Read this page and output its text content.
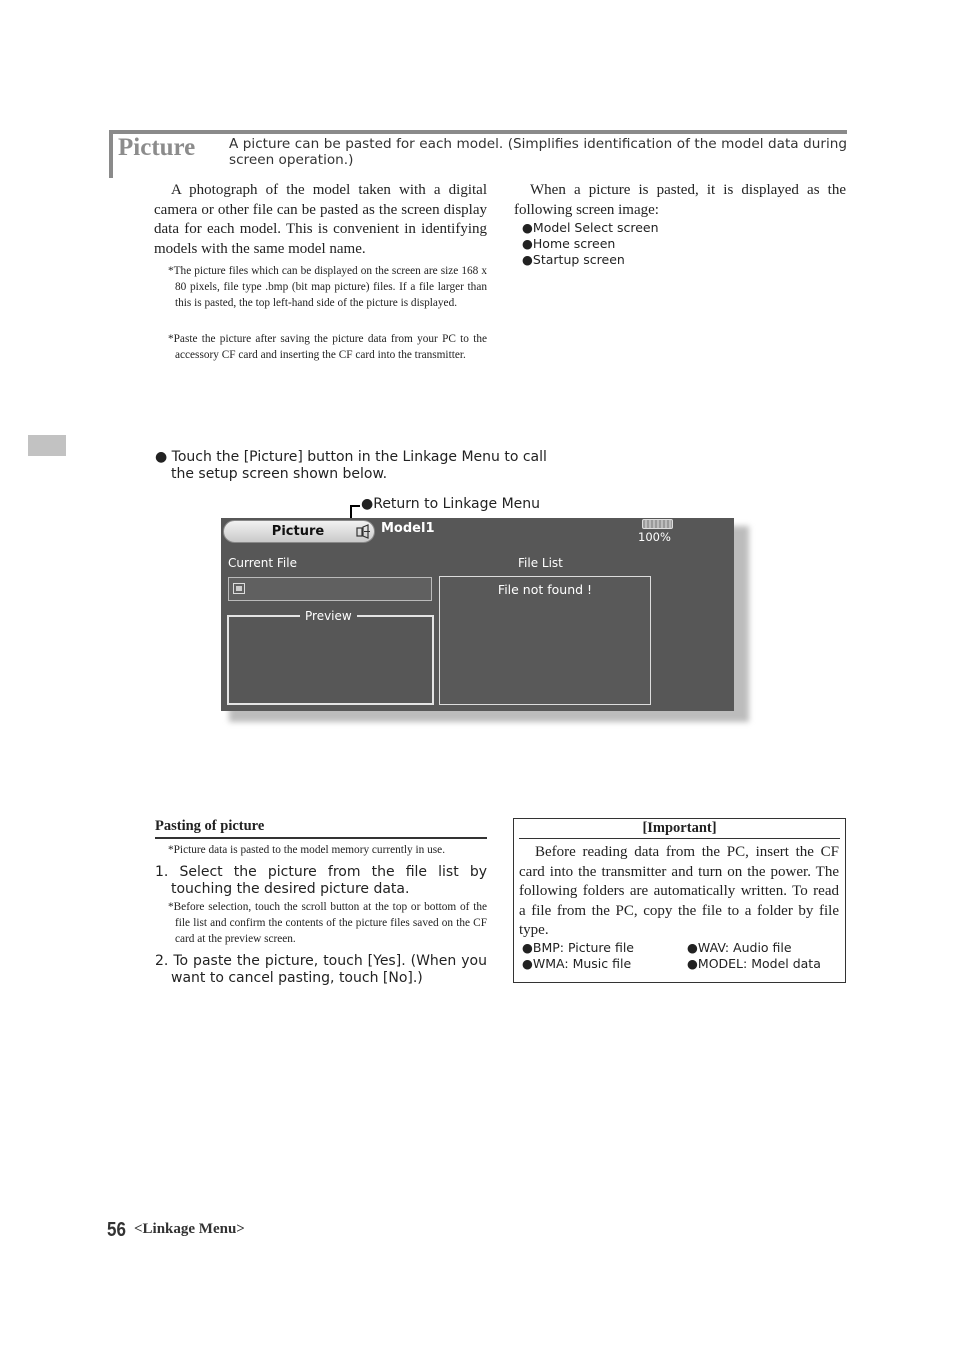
Picture A picture can be pasted for each model. (Simplifies identification of the model data during screen operation.)
A photograph of the model taken with a digital camera or other file can be pasted as the screen display data for each model. This is convenient in identifying models with the same model name.
*The picture files which can be displayed on the screen are size 168 x 80 pixels, file type .bmp (bit map picture) files. If a file larger than this is pasted, the top left-hand side of the picture is displayed.
*Paste the picture after saving the picture data from your PC to the accessory CF card and inserting the CF card into the transmitter.
When a picture is pasted, it is displayed as the following screen image:
●Model Select screen
●Home screen
●Startup screen
● Touch the [Picture] button in the Linkage Menu to call
the setup screen shown below.
●Return to Linkage Menu
Picture	Model1
100%
Current File	File List
Preview
File not found !
Pasting of picture
*Picture data is pasted to the model memory currently in use.
1. Select the picture from the file list by touching the desired picture data.
*Before selection, touch the scroll button at the top or bottom of the file list and confirm the contents of the picture files saved on the CF card at the preview screen.
2. To paste the picture, touch [Yes]. (When you want to cancel pasting, touch [No].)
[Important]
Before reading data from the PC, insert the CF card into the transmitter and turn on the power. The following folders are automatically written. To read a file from the PC, copy the file to a folder by file type.
●BMP: Picture file	●WAV: Audio file
●WMA: Music file	●MODEL: Model data
56 <Linkage Menu>
